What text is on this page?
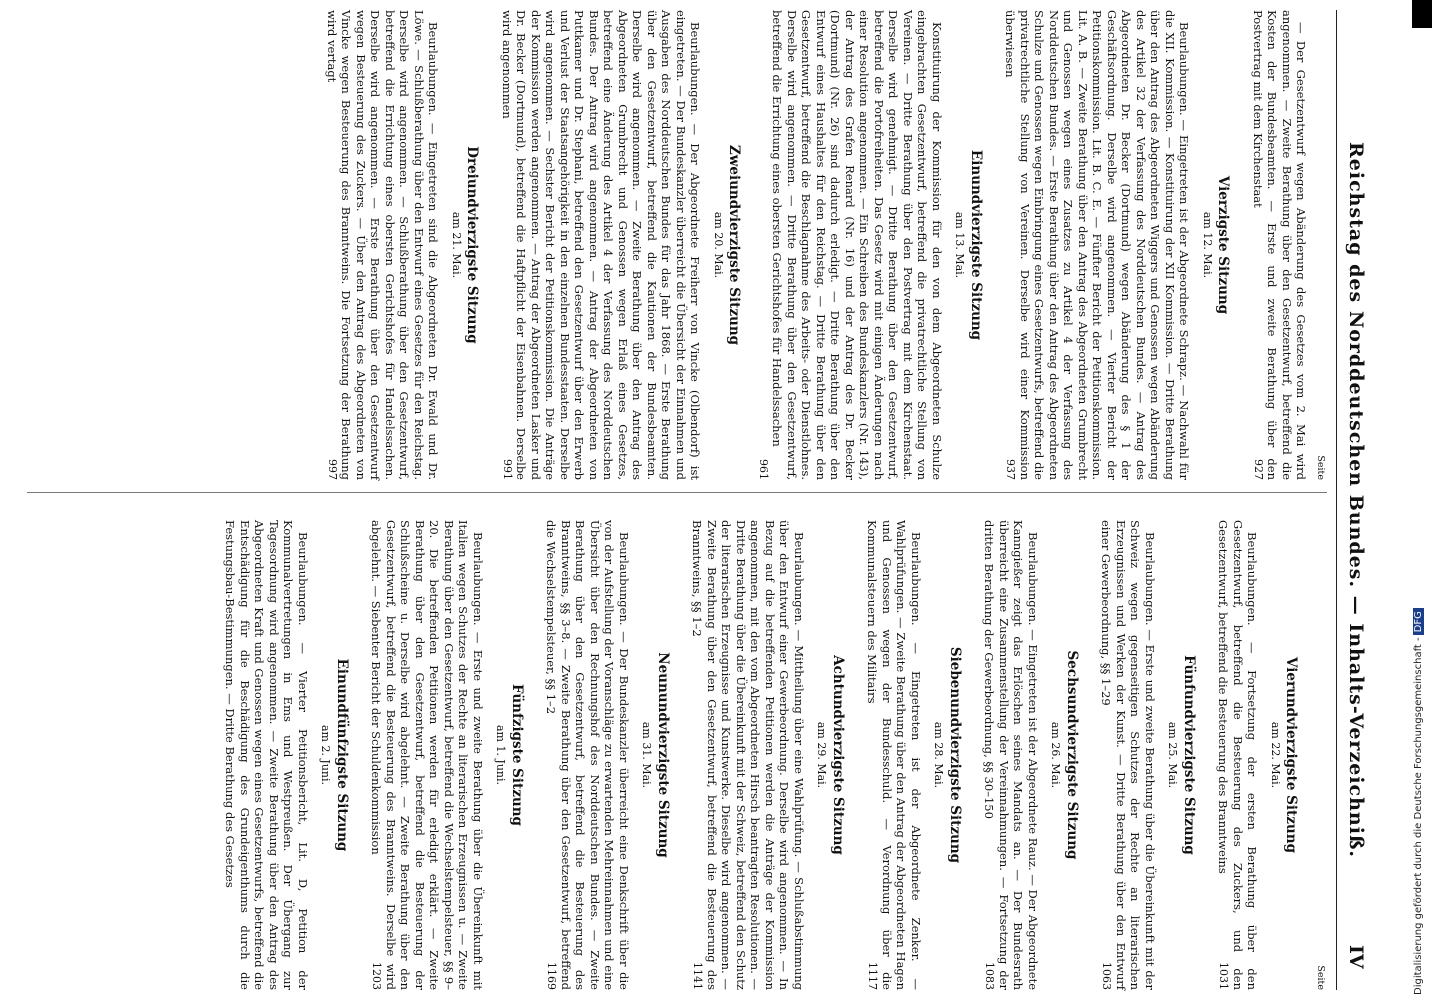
Reichstag des Norddeutschen Bundes. — Inhalts-Verzeichniß.
IV
Seite
— Der Gesetzentwurf wegen Abänderung des Gesetzes vom 2. Mai wird angenommen. — Zweite Berathung über den Gesetzentwurf, betreffend die Kosten der Bundesbeamten. — Erste und zweite Berathung über den Postvertrag mit dem Kirchenstaat
927
Vierzigste Sitzung
am 12. Mai.
Beurlaubungen. — Eingetreten ist der Abgeordnete Schrapz. — Nachwahl für die XII. Kommission. — Konstituirung der XII Kommission. — Dritte Berathung über den Antrag des Abgeordneten Wiggers und Genossen wegen Abänderung des Artikel 32 der Verfassung des Norddeutschen Bundes. — Antrag des Abgeordneten Dr. Becker (Dortmund) wegen Abänderung des § 1 der Geschäftsordnung. Derselbe wird angenommen. — Vierter Bericht der Petitionskommission. Lit. B. C. E. — Fünfter Bericht der Petitionskommission. Lit. A. B. — Zweite Berathung über den Antrag des Abgeordneten Grumbrecht und Genossen wegen eines Zusatzes zu Artikel 4 der Verfassung des Norddeutschen Bundes. — Erste Berathung über den Antrag des Abgeordneten Schulze und Genossen wegen Einbringung eines Gesetzentwurfs, betreffend die privatrechtliche Stellung von Vereinen. Derselbe wird einer Kommission überwiesen
937
Einundvierzigste Sitzung
am 13. Mai.
Konstituirung der Kommission für den von dem Abgeordneten Schulze eingebrachten Gesetzentwurf, betreffend die privatrechtliche Stellung von Vereinen. — Dritte Berathung über den Postvertrag mit dem Kirchenstaat. Derselbe wird genehmigt. — Dritte Berathung über den Gesetzentwurf, betreffend die Portofreiheiten. Das Gesetz wird mit einigen Änderungen nach einer Resolution angenommen. — Ein Schreiben des Bundeskanzlers (Nr. 143), der Antrag des Grafen Renard (Nr. 16) und der Antrag des Dr. Becker (Dortmund) (Nr. 26) sind dadurch erledigt. — Dritte Berathung über den Entwurf eines Haushaltes für den Reichstag. — Dritte Berathung über den Gesetzentwurf, betreffend die Beschlagnahme des Arbeits- oder Dienstlohnes. Derselbe wird angenommen. — Dritte Berathung über den Gesetzentwurf, betreffend die Errichtung eines obersten Gerichtshofes für Handelssachen
961
Zweiundvierzigste Sitzung
am 20. Mai.
Beurlaubungen. — Der Abgeordnete Freiherr von Vincke (Olbendorf) ist eingetreten. — Der Bundeskanzler überreicht die Übersicht der Einnahmen und Ausgaben des Norddeutschen Bundes für das Jahr 1868. — Erste Berathung über den Gesetzentwurf, betreffend die Kautionen der Bundesbeamten. Derselbe wird angenommen. — Zweite Berathung über den Antrag des Abgeordneten Grumbrecht und Genossen wegen Erlaß eines Gesetzes, betreffend eine Änderung des Artikel 4 der Verfassung des Norddeutschen Bundes. Der Antrag wird angenommen. — Antrag der Abgeordneten von Puttkamer und Dr. Stephani, betreffend den Gesetzentwurf über den Erwerb und Verlust der Staatsangehörigkeit in den einzelnen Bundesstaaten. Derselbe wird angenommen. — Sechster Bericht der Petitionskommission. Die Anträge der Kommission werden angenommen. — Antrag der Abgeordneten Lasker und Dr. Becker (Dortmund), betreffend die Haftpflicht der Eisenbahnen. Derselbe wird angenommen
991
Dreiundvierzigste Sitzung
am 21. Mai.
Beurlaubungen. — Eingetreten sind die Abgeordneten Dr. Ewald und Dr. Löwe. — Schlußberathung über den Entwurf eines Gesetzes für den Reichstag. Derselbe wird angenommen. — Schlußberathung über den Gesetzentwurf, betreffend die Errichtung eines obersten Gerichtshofes für Handelssachen. Derselbe wird angenommen. — Erste Berathung über den Gesetzentwurf wegen Besteuerung des Zuckers. — Über den Antrag des Abgeordneten von Vincke wegen Besteuerung des Branntweins. Die Fortsetzung der Berathung wird vertagt
997
Seite
Vierundvierzigste Sitzung
am 22. Mai.
Beurlaubungen. — Fortsetzung der ersten Berathung über den Gesetzentwurf, betreffend die Besteuerung des Zuckers, und den Gesetzentwurf, betreffend die Besteuerung des Branntweins
1031
Fünfundvierzigste Sitzung
am 25. Mai.
Beurlaubungen. — Erste und zweite Berathung über die Übereinkunft mit der Schweiz wegen gegenseitigen Schutzes der Rechte an literarischen Erzeugnissen und Werken der Kunst. — Dritte Berathung über den Entwurf einer Gewerbeordnung, §§ 1–29
1063
Sechsundvierzigste Sitzung
am 26. Mai.
Beurlaubungen. — Eingetreten ist der Abgeordnete Rauz. — Der Abgeordnete Kanngießer zeigt das Erlöschen seines Mandats an. — Der Bundesrath überreicht eine Zusammenstellung der Vereinnahmungen. — Fortsetzung der dritten Berathung der Gewerbeordnung, §§ 30–150
1083
Siebenundvierzigste Sitzung
am 28. Mai.
Beurlaubungen. — Eingetreten ist der Abgeordnete Zenker. — Wahlprüfungen. — Zweite Berathung über den Antrag der Abgeordneten Hagen und Genossen wegen der Bundesschuld. — Verordnung über die Kommunalsteuern des Militairs
1117
Achtundvierzigste Sitzung
am 29. Mai.
Beurlaubungen. — Mittheilung über eine Wahlprüfung. — Schlußabstimmung über den Entwurf einer Gewerbeordnung. Derselbe wird angenommen. — In Bezug auf die betreffenden Petitionen werden die Anträge der Kommission angenommen, mit den vom Abgeordneten Hirsch beantragten Resolutionen. — Dritte Berathung über die Übereinkunft mit der Schweiz, betreffend den Schutz der literarischen Erzeugnisse und Kunstwerke. Dieselbe wird angenommen. — Zweite Berathung über den Gesetzentwurf, betreffend die Besteuerung des Branntweins, §§ 1–2
1141
Neunundvierzigste Sitzung
am 31. Mai.
Beurlaubungen. — Der Bundeskanzler überreicht eine Denkschrift über die von der Aufstellung der Voranschläge zu erwartenden Mehreinnahmen und eine Übersicht über den Rechnungshof des Norddeutschen Bundes. — Zweite Berathung über den Gesetzentwurf, betreffend die Besteuerung des Branntweins, §§ 3–8. — Zweite Berathung über den Gesetzentwurf, betreffend die Wechselstempelsteuer, §§ 1–2
1169
Fünfzigste Sitzung
am 1. Juni.
Beurlaubungen. — Erste und zweite Berathung über die Übereinkunft mit Italien wegen Schutzes der Rechte an literarischen Erzeugnissen u. — Zweite Berathung über den Gesetzentwurf, betreffend die Wechselstempelsteuer, §§ 9–20. Die betreffenden Petitionen werden für erledigt erklärt. — Zweite Berathung über den Gesetzentwurf, betreffend die Besteuerung der Schlußscheine u. Derselbe wird abgelehnt. — Zweite Berathung über den Gesetzentwurf, betreffend die Besteuerung des Branntweins. Derselbe wird abgelehnt. — Siebenter Bericht der Schuldenkommission
1203
Einundfünfzigste Sitzung
am 2. Juni.
Beurlaubungen. — Vierter Petitionsbericht, Lit. D, Petition der Kommunalvertretungen in Ems und Westpreußen. Der Übergang zur Tagesordnung wird angenommen. — Zweite Berathung über den Antrag des Abgeordneten Kraft und Genossen wegen eines Gesetzentwurfs, betreffend die Entschädigung für die Beschädigung des Grundeigenthums durch die Festungsbau-Bestimmungen. — Dritte Berathung des Gesetzes	Digitalisierung gefördert durch die Deutsche Forschungsgemeinschaft -DFG
